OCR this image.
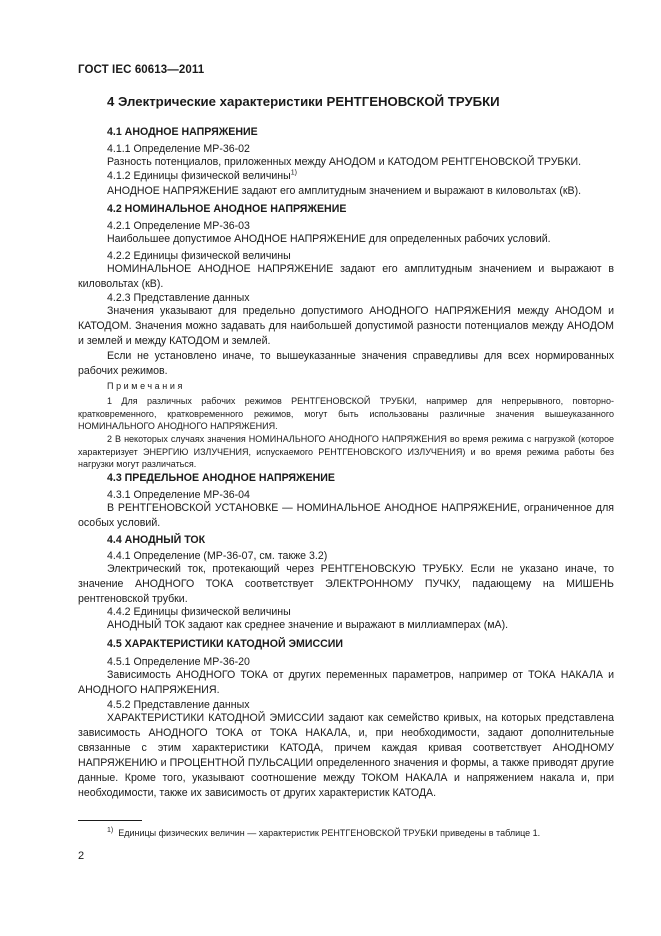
ГОСТ IEC 60613—2011
4 Электрические характеристики РЕНТГЕНОВСКОЙ ТРУБКИ
4.1 АНОДНОЕ НАПРЯЖЕНИЕ
4.1.1 Определение МР-36-02

Разность потенциалов, приложенных между АНОДОМ и КАТОДОМ РЕНТГЕНОВСКОЙ ТРУБКИ.

4.1.2 Единицы физической величины$^{1)}$

АНОДНОЕ НАПРЯЖЕНИЕ задают его амплитудным значением и выражают в киловольтах (кВ).

4.2 НОМИНАЛЬНОЕ АНОДНОЕ НАПРЯЖЕНИЕ
4.2.1 Определение МР-36-03

Наибольшее допустимое АНОДНОЕ НАПРЯЖЕНИЕ для определенных рабочих условий.

4.2.2 Единицы физической величины

НОМИНАЛЬНОЕ АНОДНОЕ НАПРЯЖЕНИЕ задают его амплитудным значением и выражают в киловольтах (кВ).

4.2.3 Представление данных

Значения указывают для предельно допустимого АНОДНОГО НАПРЯЖЕНИЯ между АНОДОМ и КАТОДОМ. Значения можно задавать для наибольшей допустимой разности потенциалов между АНОДОМ и землей и между КАТОДОМ и землей.

Если не установлено иначе, то вышеуказанные значения справедливы для всех нормированных рабочих режимов.

Примечания

1 Для различных рабочих режимов РЕНТГЕНОВСКОЙ ТРУБКИ, например для непрерывного, повторно-кратковременного, кратковременного режимов, могут быть использованы различные значения вышеуказанного НОМИНАЛЬНОГО АНОДНОГО НАПРЯЖЕНИЯ.

2 В некоторых случаях значения НОМИНАЛЬНОГО АНОДНОГО НАПРЯЖЕНИЯ во время режима с нагрузкой (которое характеризует ЭНЕРГИЮ ИЗЛУЧЕНИЯ, испускаемого РЕНТГЕНОВСКОГО ИЗЛУЧЕНИЯ) и во время режима работы без нагрузки могут различаться.

4.3 ПРЕДЕЛЬНОЕ АНОДНОЕ НАПРЯЖЕНИЕ
4.3.1 Определение МР-36-04

В РЕНТГЕНОВСКОЙ УСТАНОВКЕ — НОМИНАЛЬНОЕ АНОДНОЕ НАПРЯЖЕНИЕ, ограниченное для особых условий.

4.4 АНОДНЫЙ ТОК
4.4.1 Определение (МР-36-07, см. также 3.2)

Электрический ток, протекающий через РЕНТГЕНОВСКУЮ ТРУБКУ. Если не указано иначе, то значение АНОДНОГО ТОКА соответствует ЭЛЕКТРОННОМУ ПУЧКУ, падающему на МИШЕНЬ рентгеновской трубки.

4.4.2 Единицы физической величины

АНОДНЫЙ ТОК задают как среднее значение и выражают в миллиамперах (мА).

4.5 ХАРАКТЕРИСТИКИ КАТОДНОЙ ЭМИССИИ
4.5.1 Определение МР-36-20

Зависимость АНОДНОГО ТОКА от других переменных параметров, например от ТОКА НАКАЛА и АНОДНОГО НАПРЯЖЕНИЯ.

4.5.2 Представление данных

ХАРАКТЕРИСТИКИ КАТОДНОЙ ЭМИССИИ задают как семейство кривых, на которых представлена зависимость АНОДНОГО ТОКА от ТОКА НАКАЛА, и, при необходимости, задают дополнительные связанные с этим характеристики КАТОДА, причем каждая кривая соответствует АНОДНОМУ НАПРЯЖЕНИЮ и ПРОЦЕНТНОЙ ПУЛЬСАЦИИ определенного значения и формы, а также приводят другие данные. Кроме того, указывают соотношение между ТОКОМ НАКАЛА и напряжением накала и, при необходимости, также их зависимость от других характеристик КАТОДА.

$^{1)}$ Единицы физических величин — характеристик РЕНТГЕНОВСКОЙ ТРУБКИ приведены в таблице 1.
2
